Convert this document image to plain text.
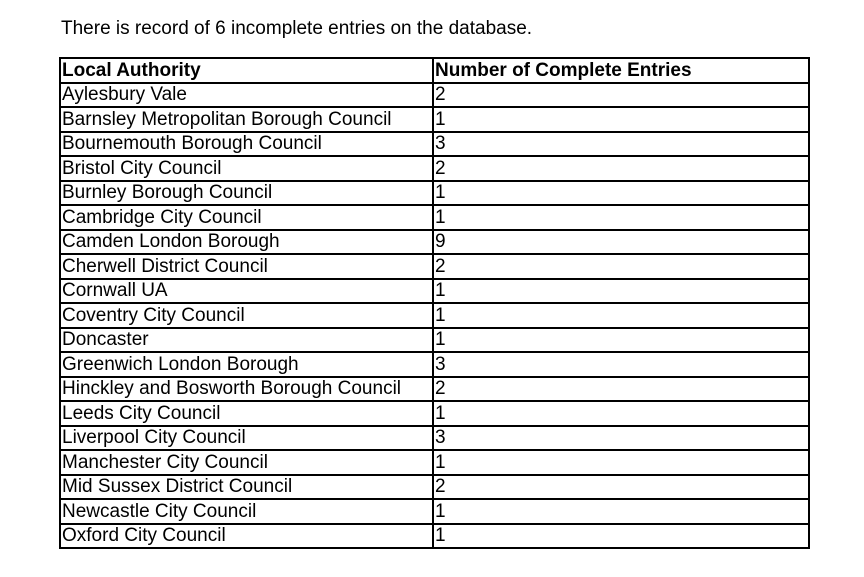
There is record of 6 incomplete entries on the database.
Local Authority	Number of Complete Entries
Aylesbury Vale	2
Barnsley Metropolitan Borough Council	1
Bournemouth Borough Council	3
Bristol City Council	2
Burnley Borough Council	1
Cambridge City Council	1
Camden London Borough	9
Cherwell District Council	2
Cornwall UA	1
Coventry City Council	1
Doncaster	1
Greenwich London Borough	3
Hinckley and Bosworth Borough Council	2
Leeds City Council	1
Liverpool City Council	3
Manchester City Council	1
Mid Sussex District Council	2
Newcastle City Council	1
Oxford City Council	1
